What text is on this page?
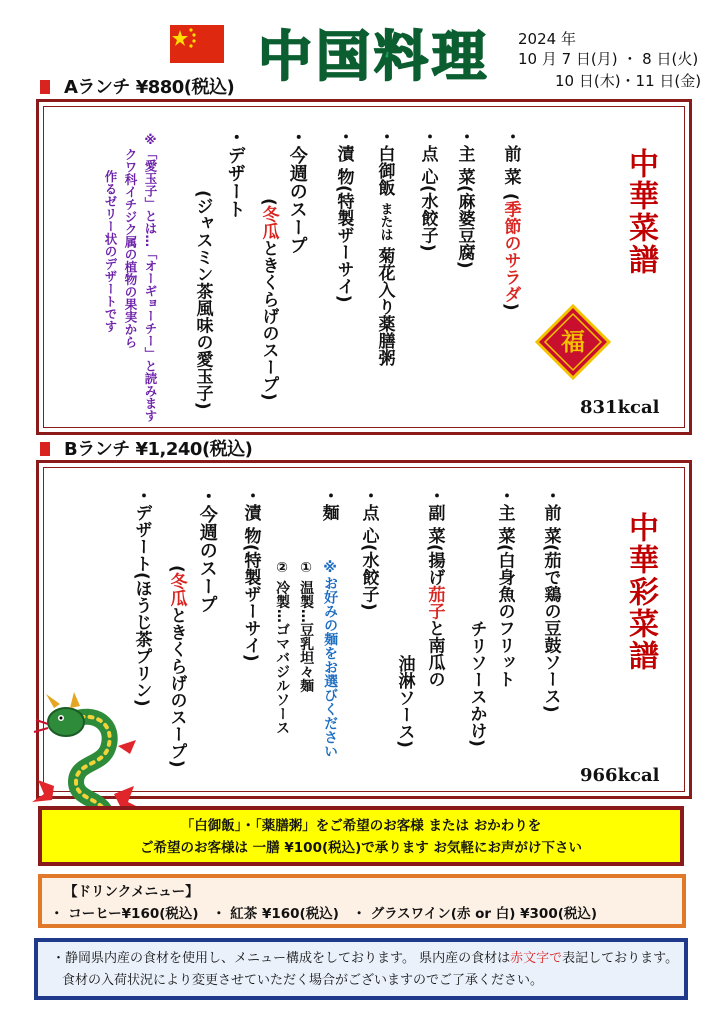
中国料理 2024 年
10 月 7 日(月) ・ 8 日(火)
10 日(木)・11 日(金)
Aランチ ¥880(税込)
中華菜譜
福
831kcal
・前 菜(季節のサラダ)
・主 菜(麻婆豆腐)
・点 心(水餃子)
・白御飯または菊花入り薬膳粥
・漬 物(特製ザーサイ)
・今週のスープ
(冬瓜ときくらげのスープ)
・デザート
(ジャスミン茶風味の愛玉子)
※「愛玉子」とは…「オーギョーチー」と読みます
クワ科イチジク属の植物の果実から
作るゼリー状のデザートです
Bランチ ¥1,240(税込)
中華彩菜譜
966kcal
・前 菜(茄で鶏の豆鼓ソース)
・主 菜(白身魚のフリット
チリソースかけ)
・副 菜(揚げ茄子と南瓜の
油淋ソース)
・点 心(水餃子)
・麺
※お好みの麺をお選びください
① 温製…豆乳坦々麺
② 冷製…ゴマバジルソース
・漬 物(特製ザーサイ)
・今週のスープ
(冬瓜ときくらげのスープ)
・デザート(ほうじ茶プリン)
「白御飯」・「薬膳粥」をご希望のお客様 または おかわりを
ご希望のお客様は 一膳 ¥100(税込)で承ります お気軽にお声がけ下さい
【ドリンクメニュー】
・ コーヒー¥160(税込)　・ 紅茶 ¥160(税込)　・ グラスワイン(赤 or 白) ¥300(税込)
・静岡県内産の食材を使用し、メニュー構成をしております。 県内産の食材は赤文字で表記しております。
食材の入荷状況により変更させていただく場合がございますのでご了承ください。
